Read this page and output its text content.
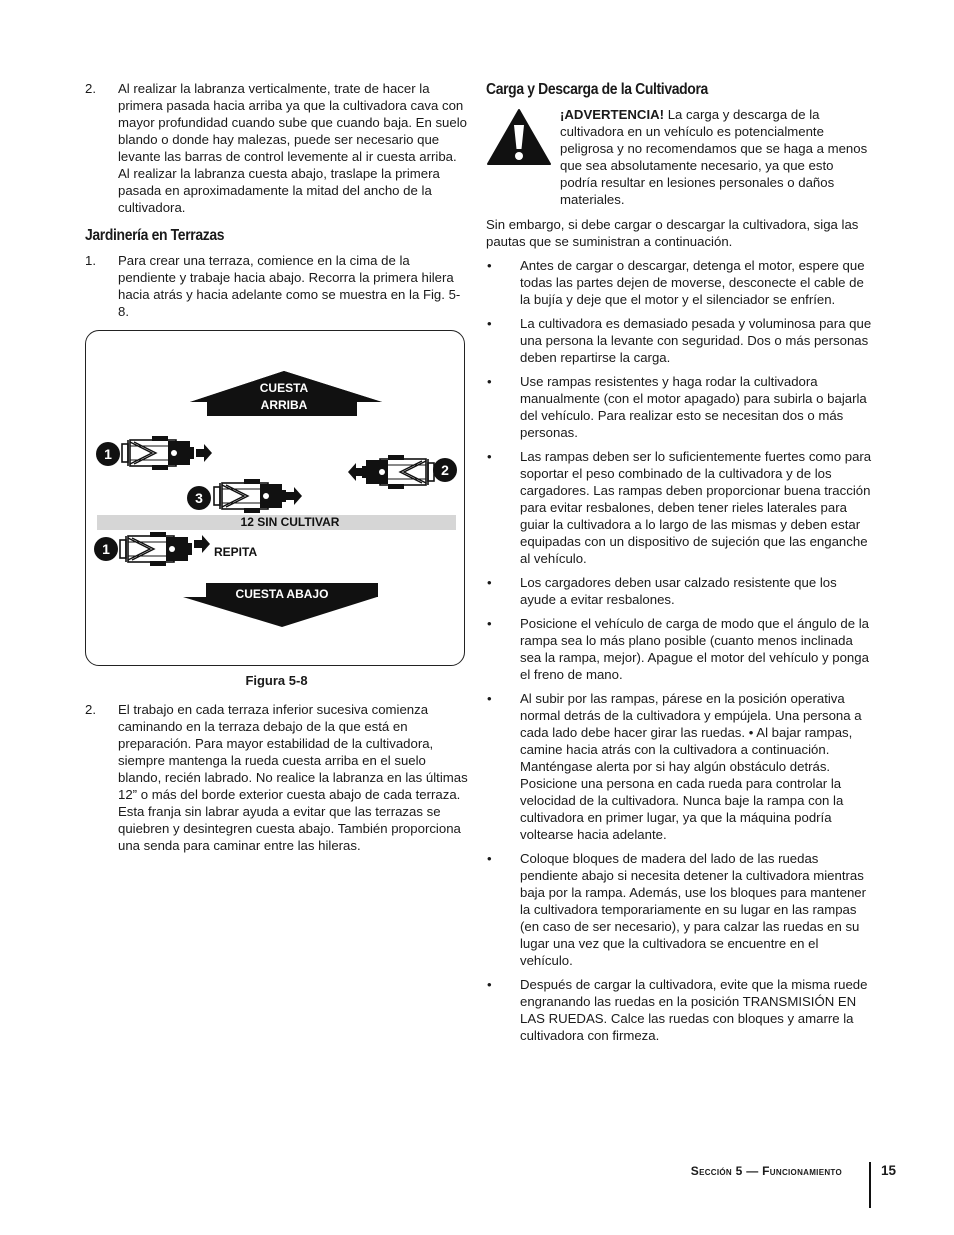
2. Al realizar la labranza verticalmente, trate de hacer la primera pasada hacia arriba ya que la cultivadora cava con mayor profundidad cuando sube que cuando baja. En suelo blando o donde hay malezas, puede ser necesario que levante las barras de control levemente al ir cuesta arriba. Al realizar la labranza cuesta abajo, traslape la primera pasada en aproximadamente la mitad del ancho de la cultivadora.
Jardinería en Terrazas
1. Para crear una terraza, comience en la cima de la pendiente y trabaje hacia abajo. Recorra la primera hilera hacia atrás y hacia adelante como se muestra en la Fig. 5-8.
CUESTA
ARRIBA
1
2
3
12 SIN CULTIVAR
1	REPITA
CUESTA ABAJO
Figura 5-8
2. El trabajo en cada terraza inferior sucesiva comienza caminando en la terraza debajo de la que está en preparación. Para mayor estabilidad de la cultivadora, siempre mantenga la rueda cuesta arriba en el suelo blando, recién labrado. No realice la labranza en las últimas 12” o más del borde exterior cuesta abajo de cada terraza. Esta franja sin labrar ayuda a evitar que las terrazas se quiebren y desintegren cuesta abajo. También proporciona una senda para caminar entre las hileras.
Carga y Descarga de la Cultivadora
¡ADVERTENCIA! La carga y descarga de la cultivadora en un vehículo es potencialmente peligrosa y no recomendamos que se haga a menos que sea absolutamente necesario, ya que esto podría resultar en lesiones personales o daños materiales.

Sin embargo, si debe cargar o descargar la cultivadora, siga las pautas que se suministran a continuación.

• Antes de cargar o descargar, detenga el motor, espere que todas las partes dejen de moverse, desconecte el cable de la bujía y deje que el motor y el silenciador se enfríen.
• La cultivadora es demasiado pesada y voluminosa para que una persona la levante con seguridad. Dos o más personas deben repartirse la carga.
• Use rampas resistentes y haga rodar la cultivadora manualmente (con el motor apagado) para subirla o bajarla del vehículo. Para realizar esto se necesitan dos o más personas.
• Las rampas deben ser lo suficientemente fuertes como para soportar el peso combinado de la cultivadora y de los cargadores. Las rampas deben proporcionar buena tracción para evitar resbalones, deben tener rieles laterales para guiar la cultivadora a lo largo de las mismas y deben estar equipadas con un dispositivo de sujeción que las enganche al vehículo.
• Los cargadores deben usar calzado resistente que los ayude a evitar resbalones.
• Posicione el vehículo de carga de modo que el ángulo de la rampa sea lo más plano posible (cuanto menos inclinada sea la rampa, mejor). Apague el motor del vehículo y ponga el freno de mano.
• Al subir por las rampas, párese en la posición operativa normal detrás de la cultivadora y empújela. Una persona a cada lado debe hacer girar las ruedas. • Al bajar rampas, camine hacia atrás con la cultivadora a continuación. Manténgase alerta por si hay algún obstáculo detrás. Posicione una persona en cada rueda para controlar la velocidad de la cultivadora. Nunca baje la rampa con la cultivadora en primer lugar, ya que la máquina podría voltearse hacia adelante.
• Coloque bloques de madera del lado de las ruedas pendiente abajo si necesita detener la cultivadora mientras baja por la rampa. Además, use los bloques para mantener la cultivadora temporariamente en su lugar en las rampas (en caso de ser necesario), y para calzar las ruedas en su lugar una vez que la cultivadora se encuentre en el vehículo.
• Después de cargar la cultivadora, evite que la misma ruede engranando las ruedas en la posición TRANSMISIÓN EN LAS RUEDAS. Calce las ruedas con bloques y amarre la cultivadora con firmeza.
Sección 5 — Funcionamiento	15
